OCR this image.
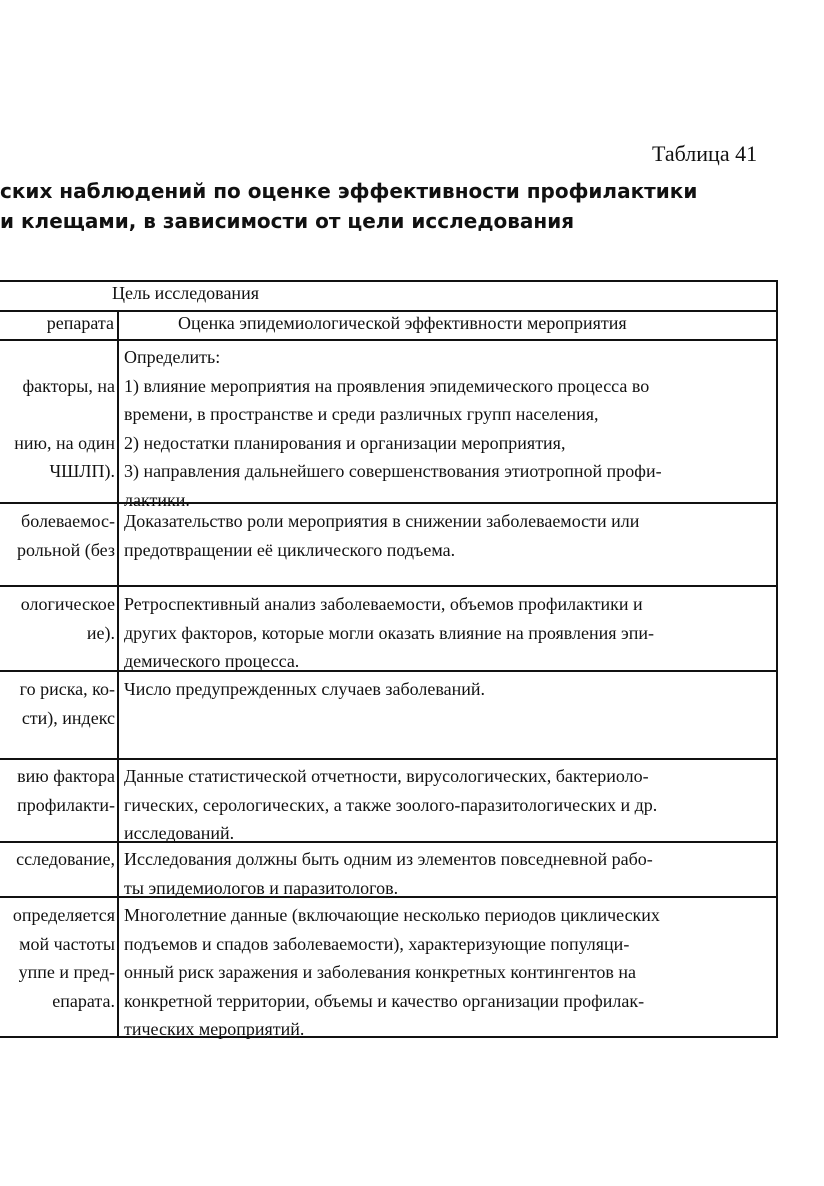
Таблица 41
ских наблюдений по оценке эффективности профилактики
и клещами, в зависимости от цели исследования
Цель исследования
репарата	Оценка эпидемиологической эффективности мероприятия
факторы, на
нию, на один
ЧШЛП).
Определить:
1) влияние мероприятия на проявления эпидемического процесса во
времени, в пространстве и среди различных групп населения,
2) недостатки планирования и организации мероприятия,
3) направления дальнейшего совершенствования этиотропной профи-
лактики.
болеваемос-
рольной (без
Доказательство роли мероприятия в снижении заболеваемости или
предотвращении её циклического подъема.
ологическое
ие).
Ретроспективный анализ заболеваемости, объемов профилактики и
других факторов, которые могли оказать влияние на проявления эпи-
демического процесса.
го риска, ко-
сти), индекс
Число предупрежденных случаев заболеваний.
вию фактора
профилакти-
Данные статистической отчетности, вирусологических, бактериоло-
гических, серологических, а также зоолого-паразитологических и др.
исследований.
сследование, Исследования должны быть одним из элементов повседневной рабо-
ты эпидемиологов и паразитологов.
определяется
мой частоты
уппе и пред-
епарата.
Многолетние данные (включающие несколько периодов циклических
подъемов и спадов заболеваемости), характеризующие популяци-
онный риск заражения и заболевания конкретных контингентов на
конкретной территории, объемы и качество организации профилак-
тических мероприятий.
